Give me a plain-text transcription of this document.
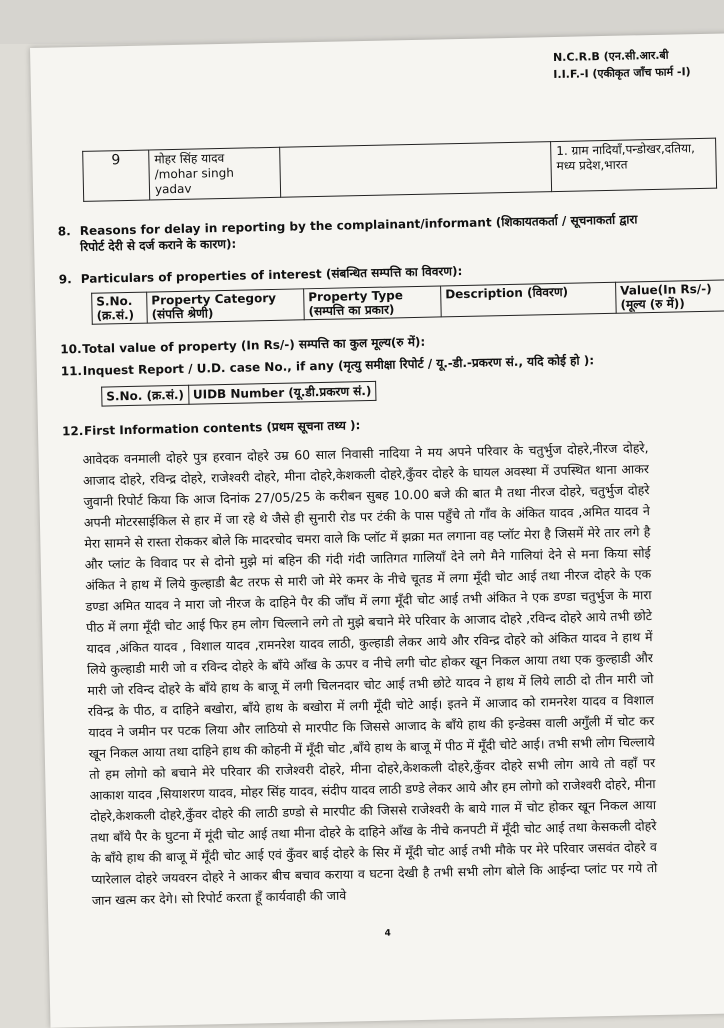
N.C.R.B (एन.सी.आर.बी
I.I.F.-I (एकीकृत जाँच फार्म -I)
9	मोहर सिंह यादव
/mohar singh
yadav		1. ग्राम नादियाँ,पन्डोखर,दतिया,
मध्य प्रदेश,भारत
8. Reasons for delay in reporting by the complainant/informant (शिकायतकर्ता / सूचनाकर्ता द्वारा
रिपोर्ट देरी से दर्ज कराने के कारण):
9. Particulars of properties of interest (संबन्धित सम्पत्ति का विवरण):
S.No. (क्र.सं.)	Property Category (संपत्ति श्रेणी)	Property Type (सम्पत्ति का प्रकार)	Description (विवरण)	Value(In Rs/-) (मूल्य (रु में))
10.Total value of property (In Rs/-) सम्पत्ति का कुल मूल्य(रु में):
11.Inquest Report / U.D. case No., if any (मृत्यु समीक्षा रिपोर्ट / यू.-डी.-प्रकरण सं., यदि कोई हो ):
S.No. (क्र.सं.)	UIDB Number (यू.डी.प्रकरण सं.)
12.First Information contents (प्रथम सूचना तथ्य ):
आवेदक वनमाली दोहरे पुत्र हरवान दोहरे उम्र 60 साल निवासी नादिया ने मय अपने परिवार के चतुर्भुज दोहरे,नीरज दोहरे, आजाद दोहरे, रविन्द्र दोहरे, राजेश्वरी दोहरे, मीना दोहरे,केशकली दोहरे,कुँवर दोहरे के घायल अवस्था में उपस्थित थाना आकर जुवानी रिपोर्ट किया कि आज दिनांक 27/05/25 के करीबन सुबह 10.00 बजे की बात मै तथा नीरज दोहरे, चतुर्भुज दोहरे अपनी मोटरसाईकिल से हार में जा रहे थे जैसे ही सुनारी रोड पर टंकी के पास पहुँचे तो गाँव के अंकित यादव ,अमित यादव ने मेरा सामने से रास्ता रोककर बोले कि मादरचोद चमरा वाले कि प्लॉट में झक्रा मत लगाना वह प्लॉट मेरा है जिसमें मेरे तार लगे है और प्लांट के विवाद पर से दोनो मुझे मां बहिन की गंदी गंदी जातिगत गालियाँ देने लगे मैने गालियां देने से मना किया सोई अंकित ने हाथ में लिये कुल्हाडी बैट तरफ से मारी जो मेरे कमर के नीचे चूतड में लगा मूँदी चोट आई तथा नीरज दोहरे के एक डण्डा अमित यादव ने मारा जो नीरज के दाहिने पैर की जाँघ में लगा मूँदी चोट आई तभी अंकित ने एक डण्डा चतुर्भुज के मारा पीठ में लगा मूँदी चोट आई फिर हम लोग चिल्लाने लगे तो मुझे बचाने मेरे परिवार के आजाद दोहरे ,रविन्द दोहरे आये तभी छोटे यादव ,अंकित यादव , विशाल यादव ,रामनरेश यादव लाठी, कुल्हाडी लेकर आये और रविन्द्र दोहरे को अंकित यादव ने हाथ में लिये कुल्हाडी मारी जो व रविन्द दोहरे के बाँये आँख के ऊपर व नीचे लगी चोट होकर खून निकल आया तथा एक कुल्हाडी और मारी जो रविन्द दोहरे के बाँये हाथ के बाजू में लगी चिलनदार चोट आई तभी छोटे यादव ने हाथ में लिये लाठी दो तीन मारी जो रविन्द्र के पीठ, व दाहिने बखोरा, बाँये हाथ के बखोरा में लगी मूँदी चोटे आई। इतने में आजाद को रामनरेश यादव व विशाल यादव ने जमीन पर पटक लिया और लाठियो से मारपीट कि जिससे आजाद के बाँये हाथ की इन्डेक्स वाली अगुँली में चोट कर खून निकल आया तथा दाहिने हाथ की कोहनी में मूँदी चोट ,बाँये हाथ के बाजू में पीठ में मूँदी चोटे आई। तभी सभी लोग चिल्लाये तो हम लोगो को बचाने मेरे परिवार की राजेश्वरी दोहरे, मीना दोहरे,केशकली दोहरे,कुँवर दोहरे सभी लोग आये तो वहाँ पर आकाश यादव ,सियाशरण यादव, मोहर सिंह यादव, संदीप यादव लाठी डण्डे लेकर आये और हम लोगो को राजेश्वरी दोहरे, मीना दोहरे,केशकली दोहरे,कुँवर दोहरे की लाठी डण्डो से मारपीट की जिससे राजेश्वरी के बाये गाल में चोट होकर खून निकल आया तथा बाँये पैर के घुटना में मूंदी चोट आई तथा मीना दोहरे के दाहिने आँख के नीचे कनपटी में मूँदी चोट आई तथा केसकली दोहरे के बाँये हाथ की बाजू में मूँदी चोट आई एवं कुँवर बाई दोहरे के सिर में मूँदी चोट आई तभी मौके पर मेरे परिवार जसवंत दोहरे व प्यारेलाल दोहरे जयवरन दोहरे ने आकर बीच बचाव कराया व घटना देखी है तभी सभी लोग बोले कि आईन्दा प्लांट पर गये तो जान खत्म कर देगे। सो रिपोर्ट करता हूँ कार्यवाही की जावे
4
